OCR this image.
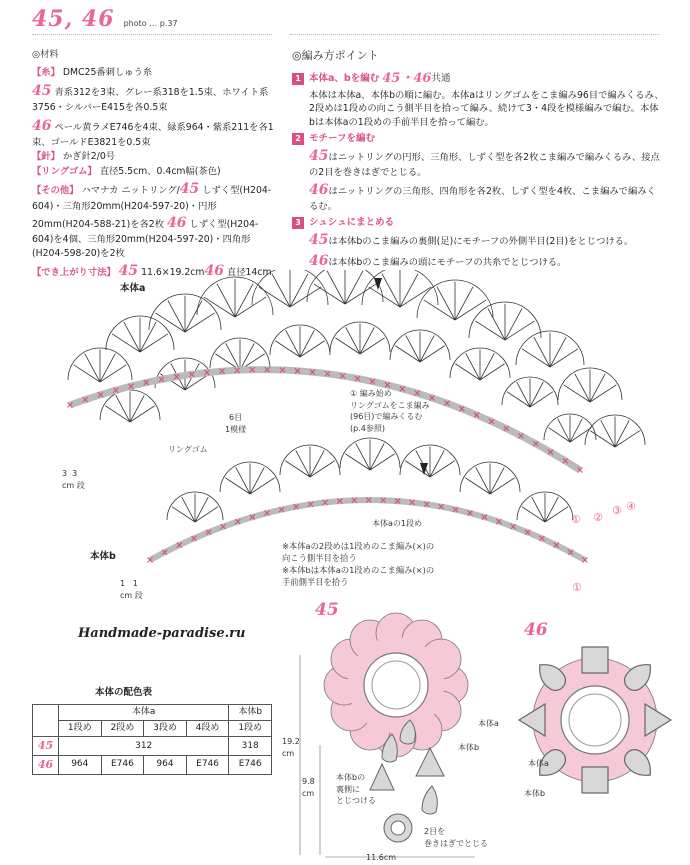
45, 46 photo … p.37

◎材料

【糸】 DMC25番刺しゅう糸

45 青系312を3束、グレー系318を1.5束、ホワイト系3756・シルバーE415を各0.5束

46 ペール黄ラメE746を4束、緑系964・紫系211を各1束、ゴールドE3821を0.5束

【針】 かぎ針2/0号

【リングゴム】 直径5.5cm、0.4cm幅(茶色)

【その他】 ハマナカ ニットリング/45 しずく型(H204-604)・三角形20mm(H204-597-20)・円形20mm(H204-588-21)を各2枚 46 しずく型(H204-604)を4個、三角形20mm(H204-597-20)・四角形(H204-598-20)を2枚

【でき上がり寸法】 45 11.6×19.2cm46 直径14cm

◎編み方ポイント

1 本体a、bを編む
45・46 共通

本体は本体a、本体bの順に編む。本体aはリングゴムをこま編み96目で編みくるみ、2段めは1段めの向こう側半目を拾って編み、続けて3・4段を模様編みで編む。本体bは本体aの1段めの手前半目を拾って編む。

2 モチーフを編む

45はニットリングの円形、三角形、しずく型を各2枚こま編みで編みくるみ、接点の2目を巻きはぎでとじる。

46はニットリングの三角形、四角形を各2枚、しずく型を4枚、こま編みで編みくるむ。

3 シュシュにまとめる

45は本体bのこま編みの裏側(足)にモチーフの外側半目(2目)をとじつける。

46は本体bのこま編みの頭にモチーフの共糸でとじつける。

本体a
本体b
① 編み始め
リングゴムをこま編み
(96目)で編みくるむ
(p.4参照)
6目
1模様
リングゴム
3  3
cm 段
1   1
cm 段
本体aの1段め
※本体aの2段めは1段めのこま編み(×)の
向こう側半目を拾う
※本体bは本体aの1段めのこま編み(×)の
手前側半目を拾う
① ②
③ ④
①
Handmade-paradise.ru
本体の配色表
	本体a				本体b
	1段め	2段め	3段め	4段め	1段め
45	312				318
46	964	E746	964	E746	E746
45
19.2
cm
9.8
cm
11.6cm
本体a
本体b
本体bの
裏側に
とじつける
2目を
巻きはぎでとじる
46
本体a
本体b
